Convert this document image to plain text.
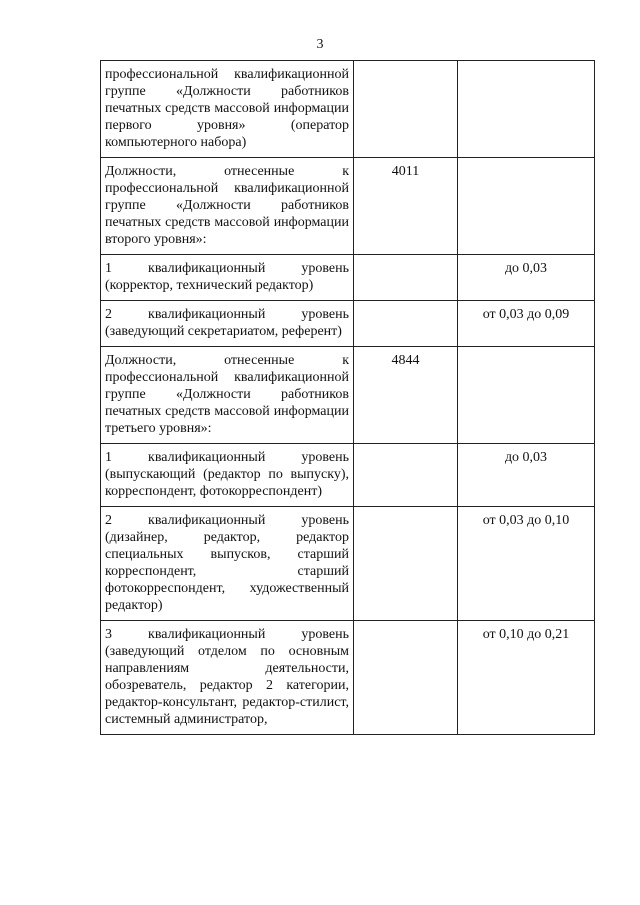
3
профессиональной квалификационной группе «Должности работников печатных средств массовой информации первого уровня» (оператор компьютерного набора)		
Должности, отнесенные к профессиональной квалификационной группе «Должности работников печатных средств массовой информации второго уровня»:	4011	
1 квалификационный уровень (корректор, технический редактор)		до 0,03
2 квалификационный уровень (заведующий секретариатом, референт)		от 0,03 до 0,09
Должности, отнесенные к профессиональной квалификационной группе «Должности работников печатных средств массовой информации третьего уровня»:	4844	
1 квалификационный уровень (выпускающий (редактор по выпуску), корреспондент, фотокорреспондент)		до 0,03
2 квалификационный уровень (дизайнер, редактор, редактор специальных выпусков, старший корреспондент, старший фотокорреспондент, художественный редактор)		от 0,03 до 0,10
3 квалификационный уровень (заведующий отделом по основным направлениям деятельности, обозреватель, редактор 2 категории, редактор-консультант, редактор-стилист, системный администратор,		от 0,10 до 0,21
